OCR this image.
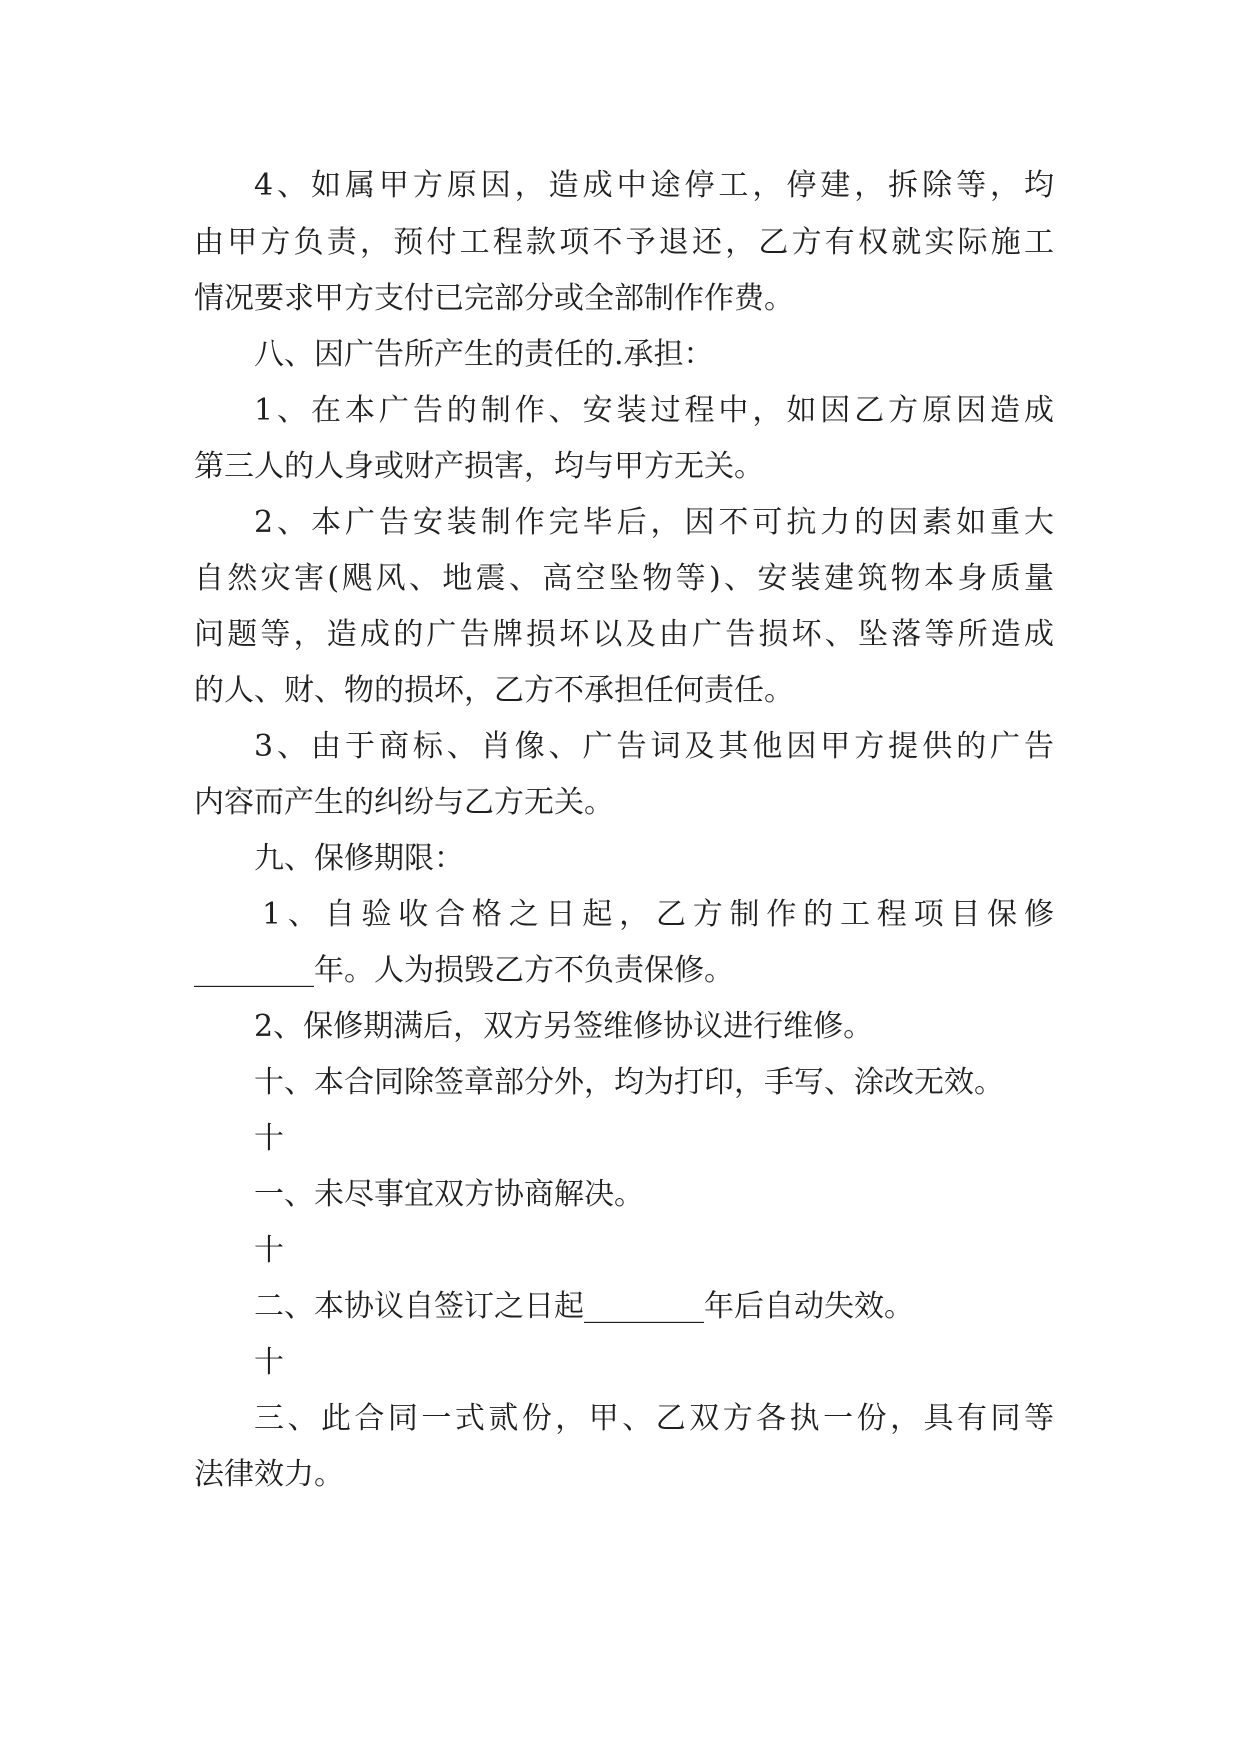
4、如属甲方原因，造成中途停工，停建，拆除等，均
由甲方负责，预付工程款项不予退还，乙方有权就实际施工
情况要求甲方支付已完部分或全部制作作费。
八、因广告所产生的责任的.承担：
1、在本广告的制作、安装过程中，如因乙方原因造成
第三人的人身或财产损害，均与甲方无关。
2、本广告安装制作完毕后，因不可抗力的因素如重大
自然灾害(飓风、地震、高空坠物等)、安装建筑物本身质量
问题等，造成的广告牌损坏以及由广告损坏、坠落等所造成
的人、财、物的损坏，乙方不承担任何责任。
3、由于商标、肖像、广告词及其他因甲方提供的广告
内容而产生的纠纷与乙方无关。
九、保修期限：
1、自验收合格之日起，乙方制作的工程项目保修
________年。人为损毁乙方不负责保修。
2、保修期满后，双方另签维修协议进行维修。
十、本合同除签章部分外，均为打印，手写、涂改无效。
十
一、未尽事宜双方协商解决。
十
二、本协议自签订之日起________年后自动失效。
十
三、此合同一式贰份，甲、乙双方各执一份，具有同等
法律效力。
